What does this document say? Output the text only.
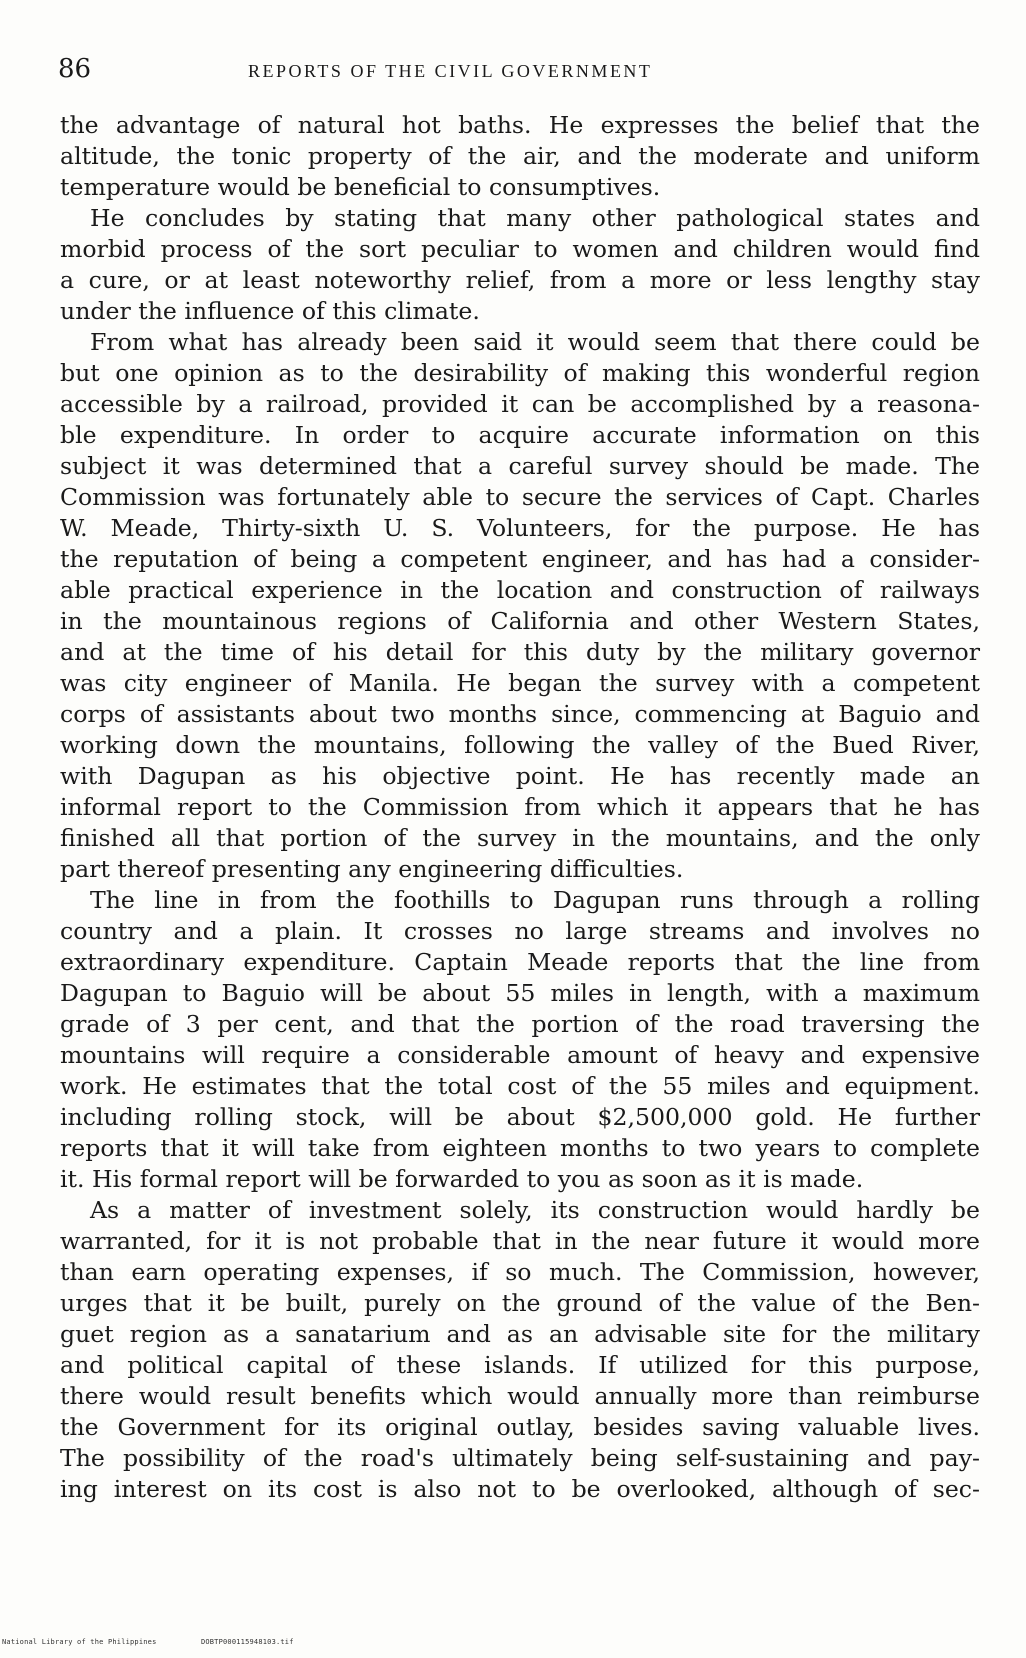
86	REPORTS OF THE CIVIL GOVERNMENT
the advantage of natural hot baths. He expresses the belief that the
altitude, the tonic property of the air, and the moderate and uniform
temperature would be beneficial to consumptives.
He concludes by stating that many other pathological states and
morbid process of the sort peculiar to women and children would find
a cure, or at least noteworthy relief, from a more or less lengthy stay
under the influence of this climate.
From what has already been said it would seem that there could be
but one opinion as to the desirability of making this wonderful region
accessible by a railroad, provided it can be accomplished by a reasona-
ble expenditure. In order to acquire accurate information on this
subject it was determined that a careful survey should be made. The
Commission was fortunately able to secure the services of Capt. Charles
W. Meade, Thirty-sixth U. S. Volunteers, for the purpose. He has
the reputation of being a competent engineer, and has had a consider-
able practical experience in the location and construction of railways
in the mountainous regions of California and other Western States,
and at the time of his detail for this duty by the military governor
was city engineer of Manila. He began the survey with a competent
corps of assistants about two months since, commencing at Baguio and
working down the mountains, following the valley of the Bued River,
with Dagupan as his objective point. He has recently made an
informal report to the Commission from which it appears that he has
finished all that portion of the survey in the mountains, and the only
part thereof presenting any engineering difficulties.
The line in from the foothills to Dagupan runs through a rolling
country and a plain. It crosses no large streams and involves no
extraordinary expenditure. Captain Meade reports that the line from
Dagupan to Baguio will be about 55 miles in length, with a maximum
grade of 3 per cent, and that the portion of the road traversing the
mountains will require a considerable amount of heavy and expensive
work. He estimates that the total cost of the 55 miles and equipment.
including rolling stock, will be about $2,500,000 gold. He further
reports that it will take from eighteen months to two years to complete
it. His formal report will be forwarded to you as soon as it is made.
As a matter of investment solely, its construction would hardly be
warranted, for it is not probable that in the near future it would more
than earn operating expenses, if so much. The Commission, however,
urges that it be built, purely on the ground of the value of the Ben-
guet region as a sanatarium and as an advisable site for the military
and political capital of these islands. If utilized for this purpose,
there would result benefits which would annually more than reimburse
the Government for its original outlay, besides saving valuable lives.
The possibility of the road's ultimately being self-sustaining and pay-
ing interest on its cost is also not to be overlooked, although of sec-
National Library of the Philippines	DOBTP000115948103.tif
